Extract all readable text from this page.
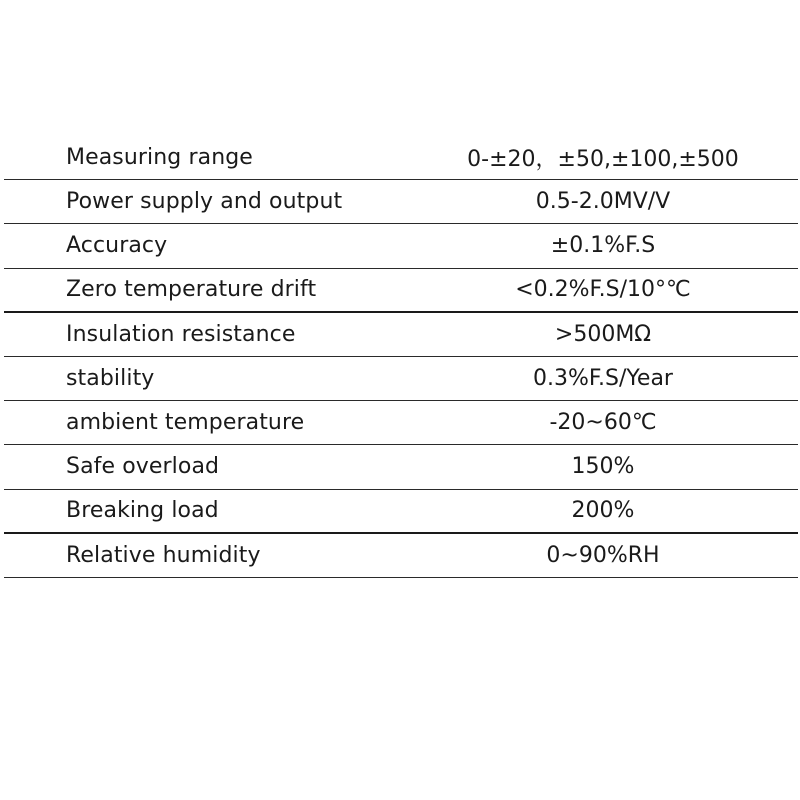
Measuring range	0-±20，±50,±100,±500
Power supply and output	0.5-2.0MV/V
Accuracy	±0.1%F.S
Zero temperature drift	<0.2%F.S/10°℃
Insulation resistance	>500MΩ
stability	0.3%F.S/Year
ambient temperature	-20~60℃
Safe overload	150%
Breaking load	200%
Relative humidity	0~90%RH
